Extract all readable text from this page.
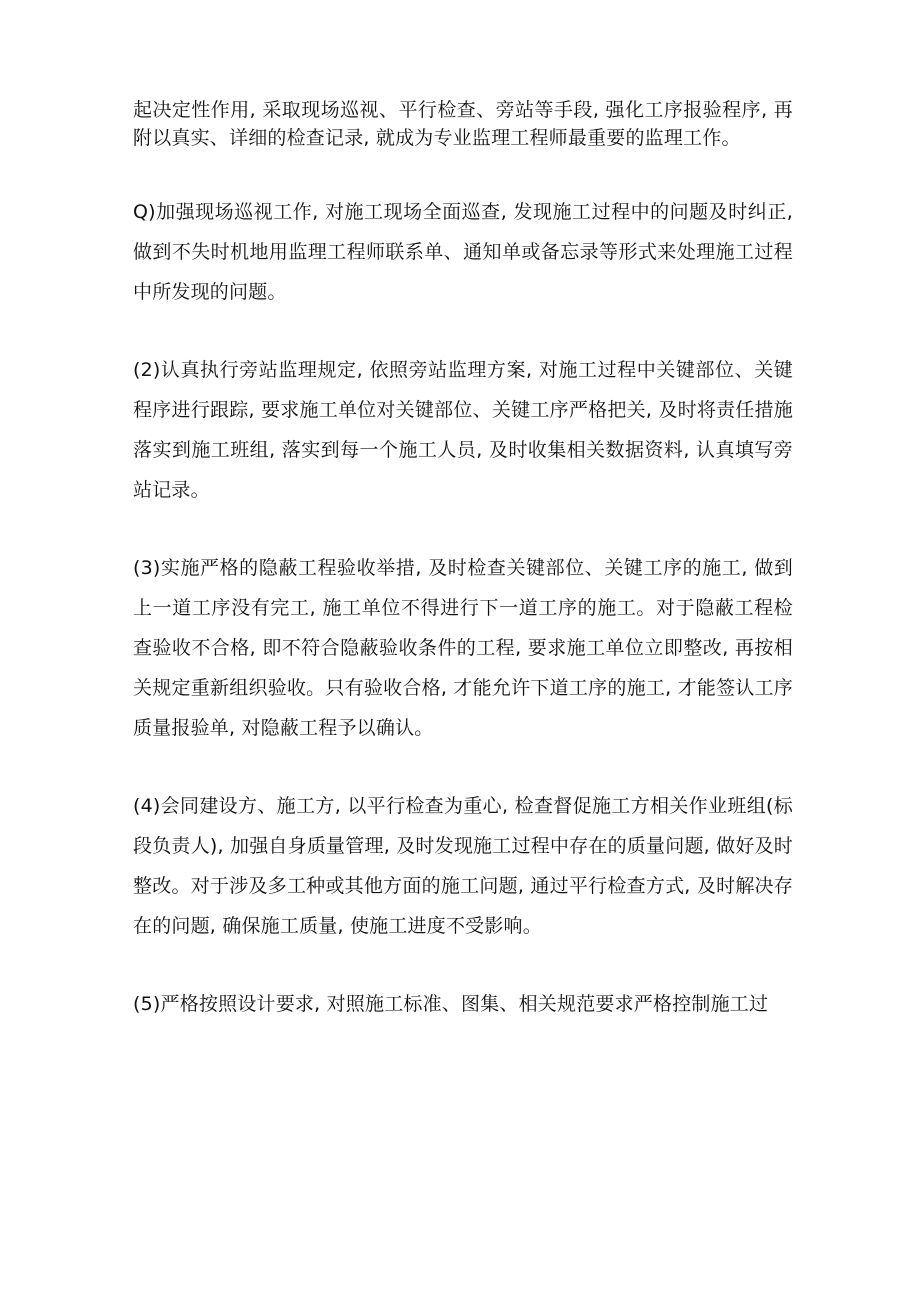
起决定性作用, 采取现场巡视、平行检查、旁站等手段, 强化工序报验程序, 再附以真实、详细的检查记录, 就成为专业监理工程师最重要的监理工作。

Q)加强现场巡视工作, 对施工现场全面巡查, 发现施工过程中的问题及时纠正, 做到不失时机地用监理工程师联系单、通知单或备忘录等形式来处理施工过程中所发现的问题。

(2)认真执行旁站监理规定, 依照旁站监理方案, 对施工过程中关键部位、关键程序进行跟踪, 要求施工单位对关键部位、关键工序严格把关, 及时将责任措施落实到施工班组, 落实到每一个施工人员, 及时收集相关数据资料, 认真填写旁站记录。

(3)实施严格的隐蔽工程验收举措, 及时检查关键部位、关键工序的施工, 做到上一道工序没有完工, 施工单位不得进行下一道工序的施工。对于隐蔽工程检查验收不合格, 即不符合隐蔽验收条件的工程, 要求施工单位立即整改, 再按相关规定重新组织验收。只有验收合格, 才能允许下道工序的施工, 才能签认工序质量报验单, 对隐蔽工程予以确认。

(4)会同建设方、施工方, 以平行检查为重心, 检查督促施工方相关作业班组(标段负责人), 加强自身质量管理, 及时发现施工过程中存在的质量问题, 做好及时整改。对于涉及多工种或其他方面的施工问题, 通过平行检查方式, 及时解决存在的问题, 确保施工质量, 使施工进度不受影响。

(5)严格按照设计要求, 对照施工标准、图集、相关规范要求严格控制施工过
